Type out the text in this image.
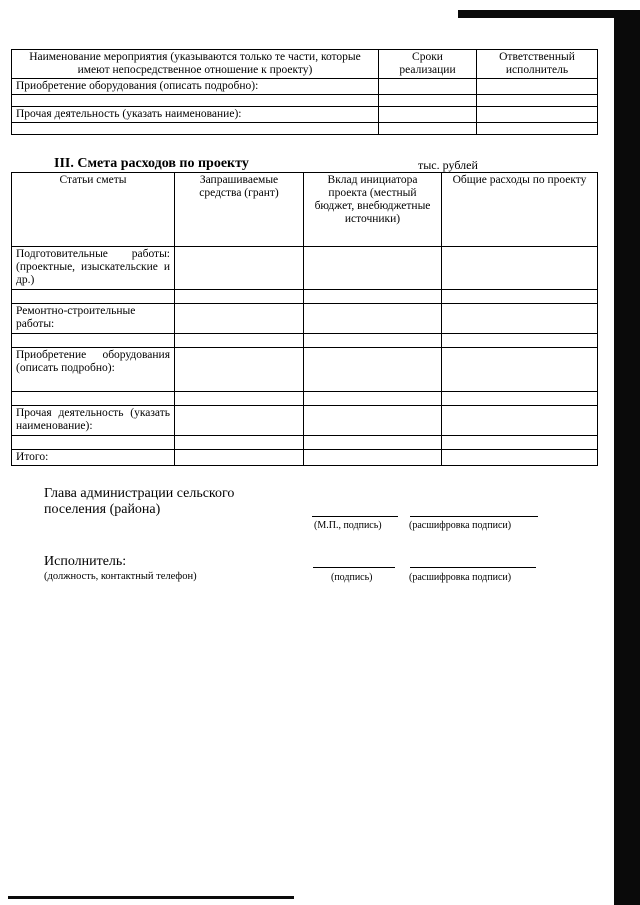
Наименование мероприятия (указываются только те части, которые имеют непосредственное отношение к проекту)	Сроки реализации	Ответственный исполнитель
Приобретение оборудования (описать подробно):		

Прочая деятельность (указать наименование):		

III. Смета расходов по проекту	тыс. рублей
Статьи сметы	Запрашиваемые средства (грант)	Вклад инициатора проекта (местный бюджет, внебюджетные источники)	Общие расходы по проекту
Подготовительные работы: (проектные, изыскательские и др.)			

Ремонтно-строительные работы:			

Приобретение оборудования (описать подробно):			

Прочая деятельность (указать наименование):			

Итого:			
Глава администрации сельского поселения (района)
(М.П., подпись)	(расшифровка подписи)
Исполнитель:
(должность, контактный телефон)	(подпись)	(расшифровка подписи)
